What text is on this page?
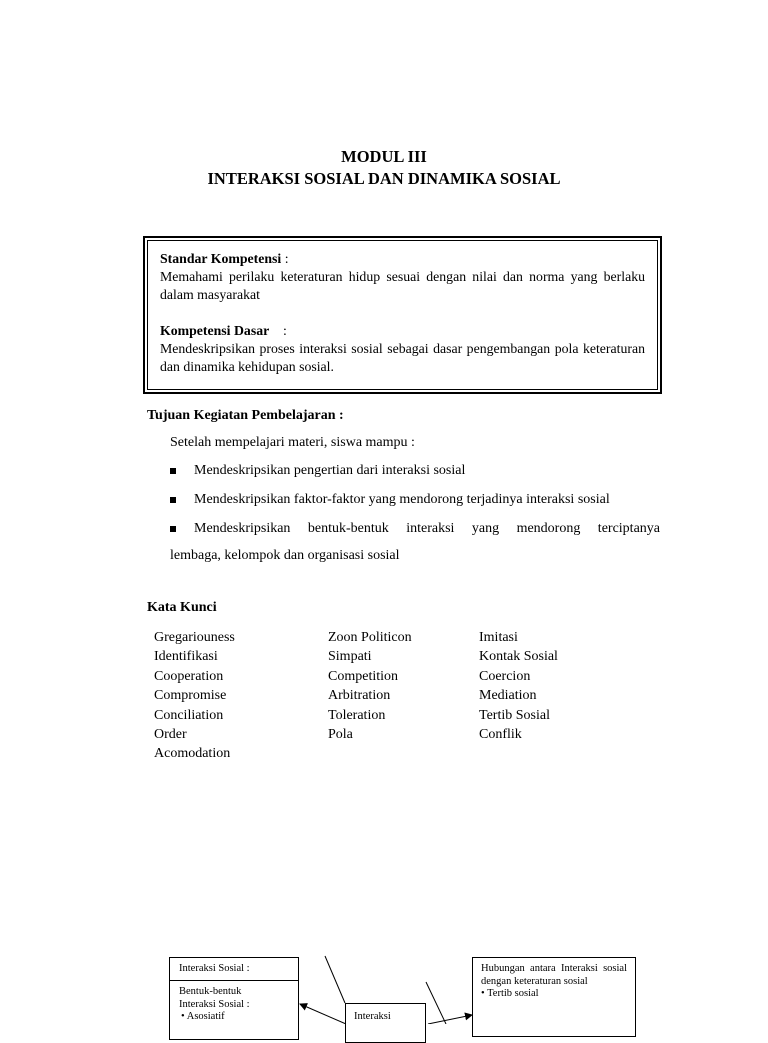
MODUL III
INTERAKSI SOSIAL DAN DINAMIKA SOSIAL

Standar Kompetensi :

Memahami perilaku keteraturan hidup sesuai dengan nilai dan norma yang berlaku dalam masyarakat

Kompetensi Dasar    :

Mendeskripsikan proses interaksi sosial sebagai dasar pengembangan pola keteraturan dan dinamika kehidupan sosial.

Tujuan Kegiatan Pembelajaran :
Setelah mempelajari materi, siswa mampu :
Mendeskripsikan pengertian dari interaksi sosial
Mendeskripsikan faktor-faktor yang mendorong terjadinya interaksi sosial
Mendeskripsikan bentuk-bentuk interaksi yang mendorong terciptanya
lembaga, kelompok dan organisasi sosial
Kata Kunci
Gregariouness
Identifikasi
Cooperation
Compromise
Conciliation
Order
Acomodation
Zoon Politicon
Simpati
Competition
Arbitration
Toleration
Pola
Imitasi
Kontak Sosial
Coercion
Mediation
Tertib Sosial
Conflik
Interaksi Sosial :
Bentuk-bentuk
Interaksi Sosial :
• Asosiatif	Interaksi
Hubungan antara Interaksi sosial dengan keteraturan sosial
• Tertib sosial
